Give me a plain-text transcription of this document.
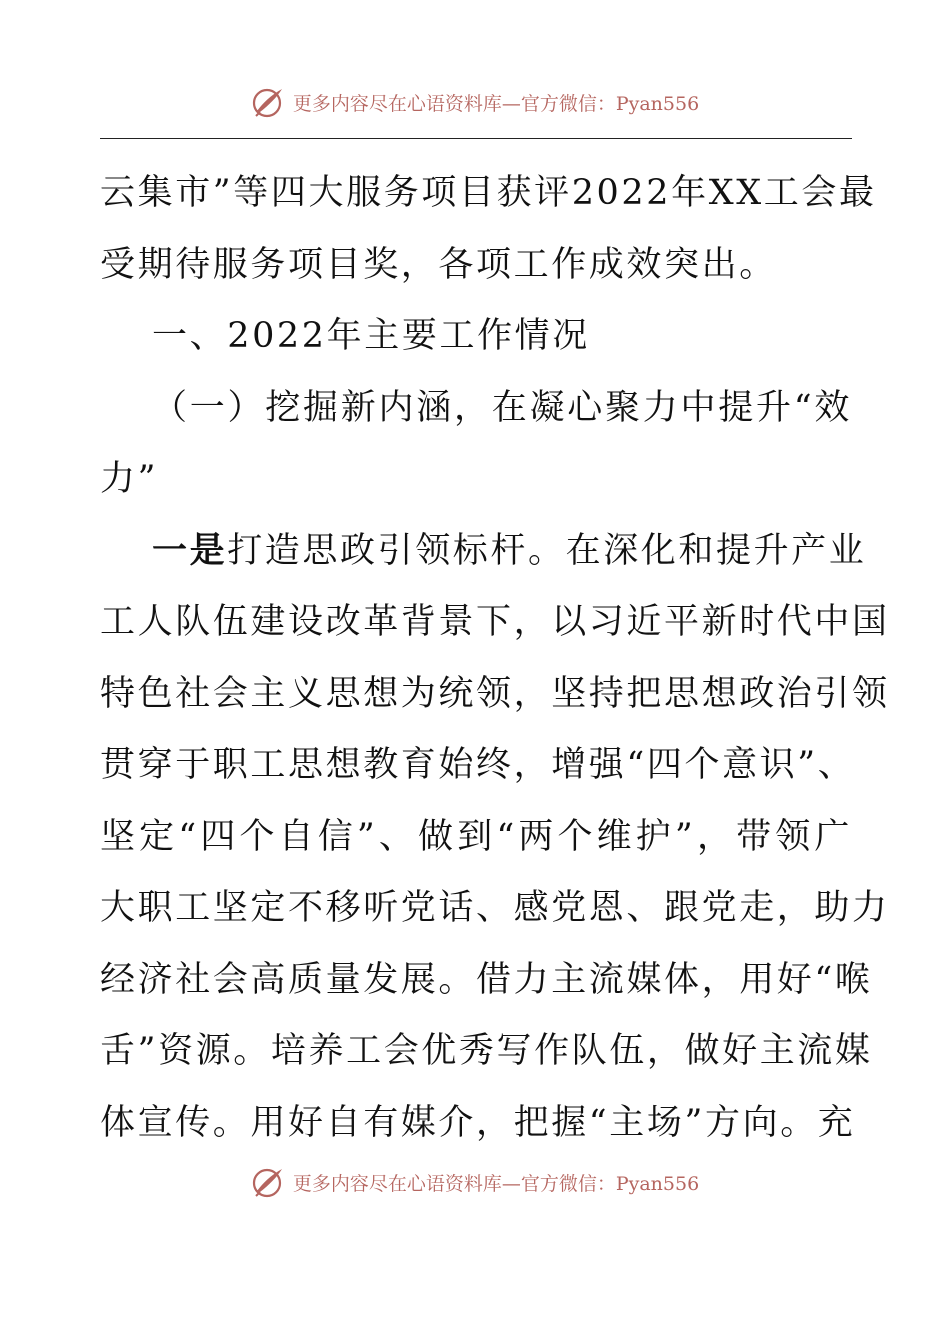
更多内容尽在心语资料库—官方微信：Pyan556
云集市”等四大服务项目获评2022年XX工会最
受期待服务项目奖，各项工作成效突出。
一、2022年主要工作情况
（一）挖掘新内涵，在凝心聚力中提升“效
力”
一是打造思政引领标杆。在深化和提升产业
工人队伍建设改革背景下，以习近平新时代中国
特色社会主义思想为统领，坚持把思想政治引领
贯穿于职工思想教育始终，增强“四个意识”、
坚定“四个自信”、做到“两个维护”，带领广
大职工坚定不移听党话、感党恩、跟党走，助力
经济社会高质量发展。借力主流媒体，用好“喉
舌”资源。培养工会优秀写作队伍，做好主流媒
体宣传。用好自有媒介，把握“主场”方向。充
更多内容尽在心语资料库—官方微信：Pyan556
